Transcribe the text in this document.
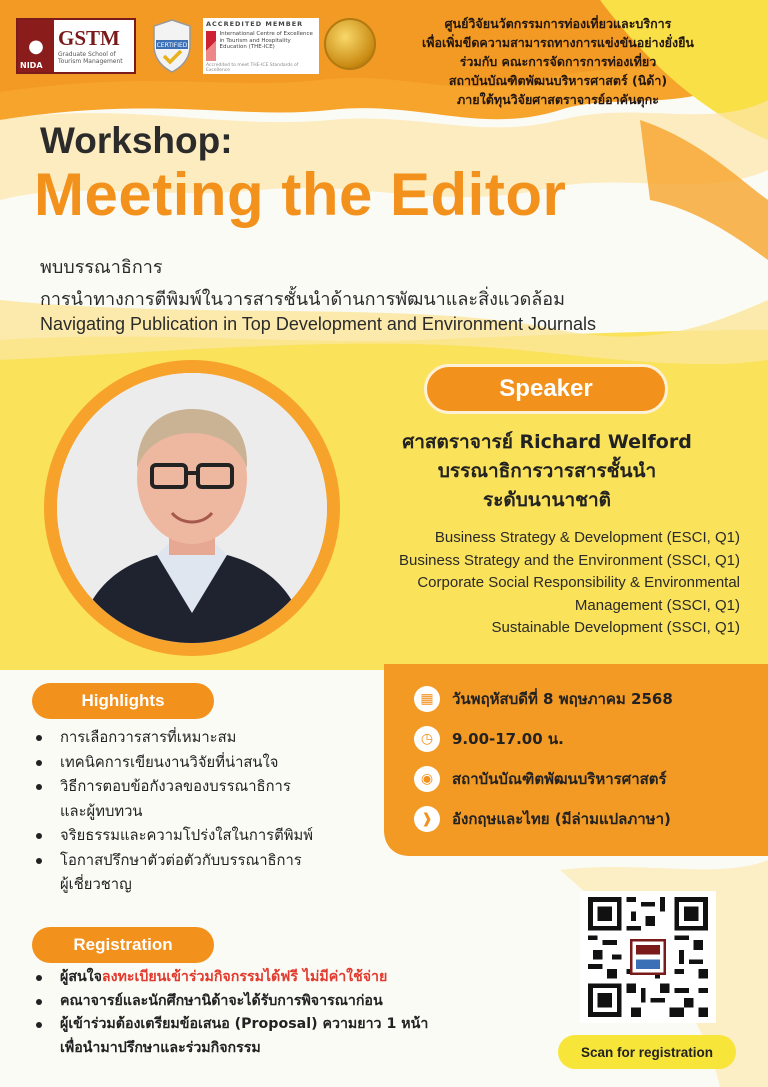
● GSTM
Graduate School of Tourism Management
NIDA
CERTIFIED
ACCREDITED MEMBER
International Centre of Excellence in Tourism and Hospitality Education (THE-ICE)
Accredited to meet THE-ICE Standards of Excellence
ศูนย์วิจัยนวัตกรรมการท่องเที่ยวและบริการ
เพื่อเพิ่มขีดความสามารถทางการแข่งขันอย่างยั่งยืน
ร่วมกับ คณะการจัดการการท่องเที่ยว
สถาบันบัณฑิตพัฒนบริหารศาสตร์ (นิด้า)
ภายใต้ทุนวิจัยศาสตราจารย์อาคันตุกะ
Workshop:
Meeting the Editor
พบบรรณาธิการ
การนำทางการตีพิมพ์ในวารสารชั้นนำด้านการพัฒนาและสิ่งแวดล้อม
Navigating Publication in Top Development and Environment Journals
Speaker
ศาสตราจารย์ Richard Welford
บรรณาธิการวารสารชั้นนำ
ระดับนานาชาติ
Business Strategy & Development (ESCI, Q1)
Business Strategy and the Environment (SSCI, Q1)
Corporate Social Responsibility & Environmental
Management (SSCI, Q1)
Sustainable Development (SSCI, Q1)
Highlights
การเลือกวารสารที่เหมาะสม
เทคนิคการเขียนงานวิจัยที่น่าสนใจ
วิธีการตอบข้อกังวลของบรรณาธิการ
และผู้ทบทวน
จริยธรรมและความโปร่งใสในการตีพิมพ์
โอกาสปรึกษาตัวต่อตัวกับบรรณาธิการ
ผู้เชี่ยวชาญ
▦	วันพฤหัสบดีที่ 8 พฤษภาคม 2568
◷	9.00-17.00 น.
◉	สถาบันบัณฑิตพัฒนบริหารศาสตร์
❱	อังกฤษและไทย (มีล่ามแปลภาษา)
Registration
ผู้สนใจลงทะเบียนเข้าร่วมกิจกรรมได้ฟรี ไม่มีค่าใช้จ่าย
คณาจารย์และนักศึกษานิด้าจะได้รับการพิจารณาก่อน
ผู้เข้าร่วมต้องเตรียมข้อเสนอ (Proposal) ความยาว 1 หน้า
เพื่อนำมาปรึกษาและร่วมกิจกรรม	Scan for registration
